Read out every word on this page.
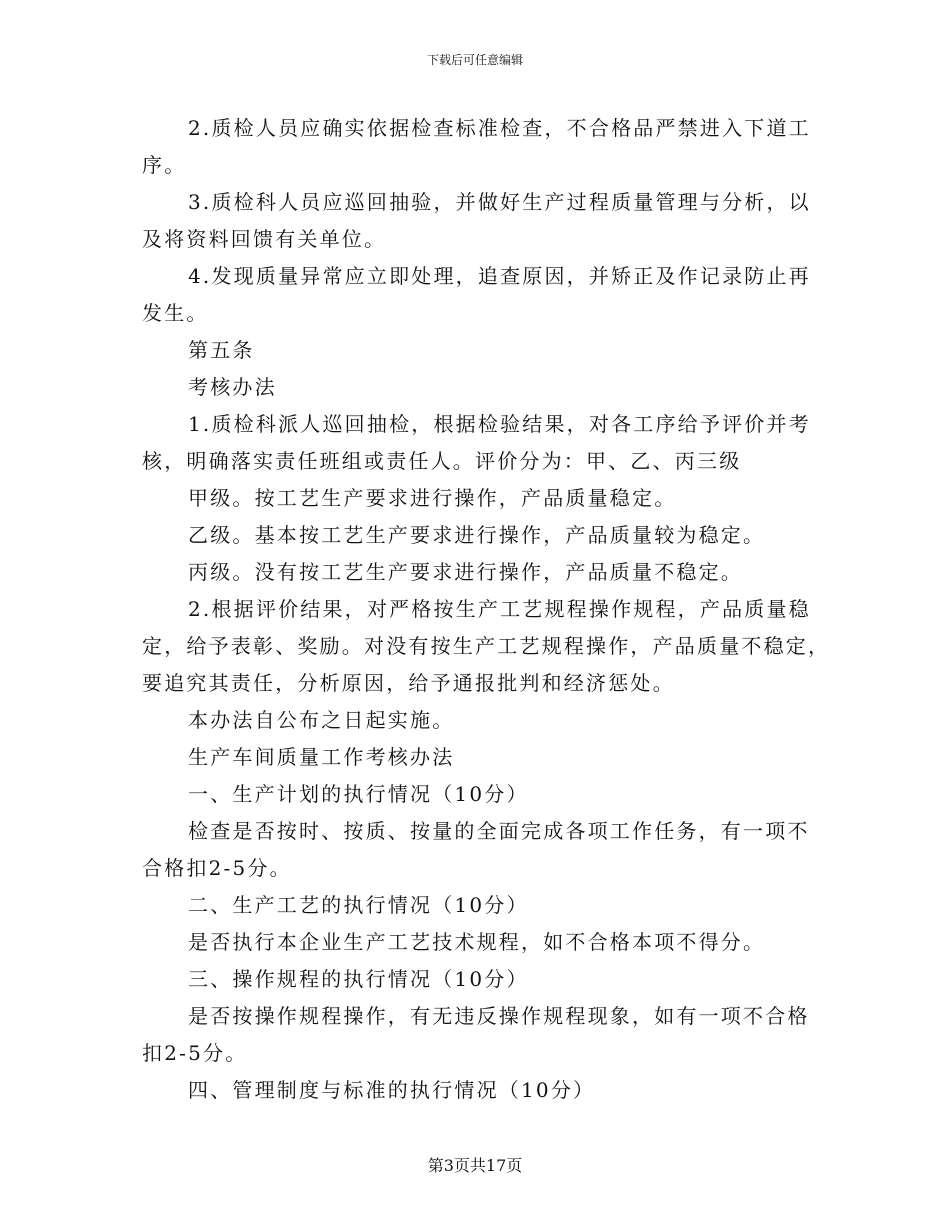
下载后可任意编辑

2.质检人员应确实依据检查标准检查，不合格品严禁进入下道工
序。

3.质检科人员应巡回抽验，并做好生产过程质量管理与分析，以
及将资料回馈有关单位。

4.发现质量异常应立即处理，追查原因，并矫正及作记录防止再
发生。

第五条

考核办法

1.质检科派人巡回抽检，根据检验结果，对各工序给予评价并考
核，明确落实责任班组或责任人。评价分为：甲、乙、丙三级

甲级。按工艺生产要求进行操作，产品质量稳定。

乙级。基本按工艺生产要求进行操作，产品质量较为稳定。

丙级。没有按工艺生产要求进行操作，产品质量不稳定。

2.根据评价结果，对严格按生产工艺规程操作规程，产品质量稳
定，给予表彰、奖励。对没有按生产工艺规程操作，产品质量不稳定，
要追究其责任，分析原因，给予通报批判和经济惩处。

本办法自公布之日起实施。

生产车间质量工作考核办法

一、生产计划的执行情况（10分）

检查是否按时、按质、按量的全面完成各项工作任务，有一项不
合格扣2-5分。

二、生产工艺的执行情况（10分）

是否执行本企业生产工艺技术规程，如不合格本项不得分。

三、操作规程的执行情况（10分）

是否按操作规程操作，有无违反操作规程现象，如有一项不合格
扣2-5分。

四、管理制度与标准的执行情况（10分）

第3页共17页
